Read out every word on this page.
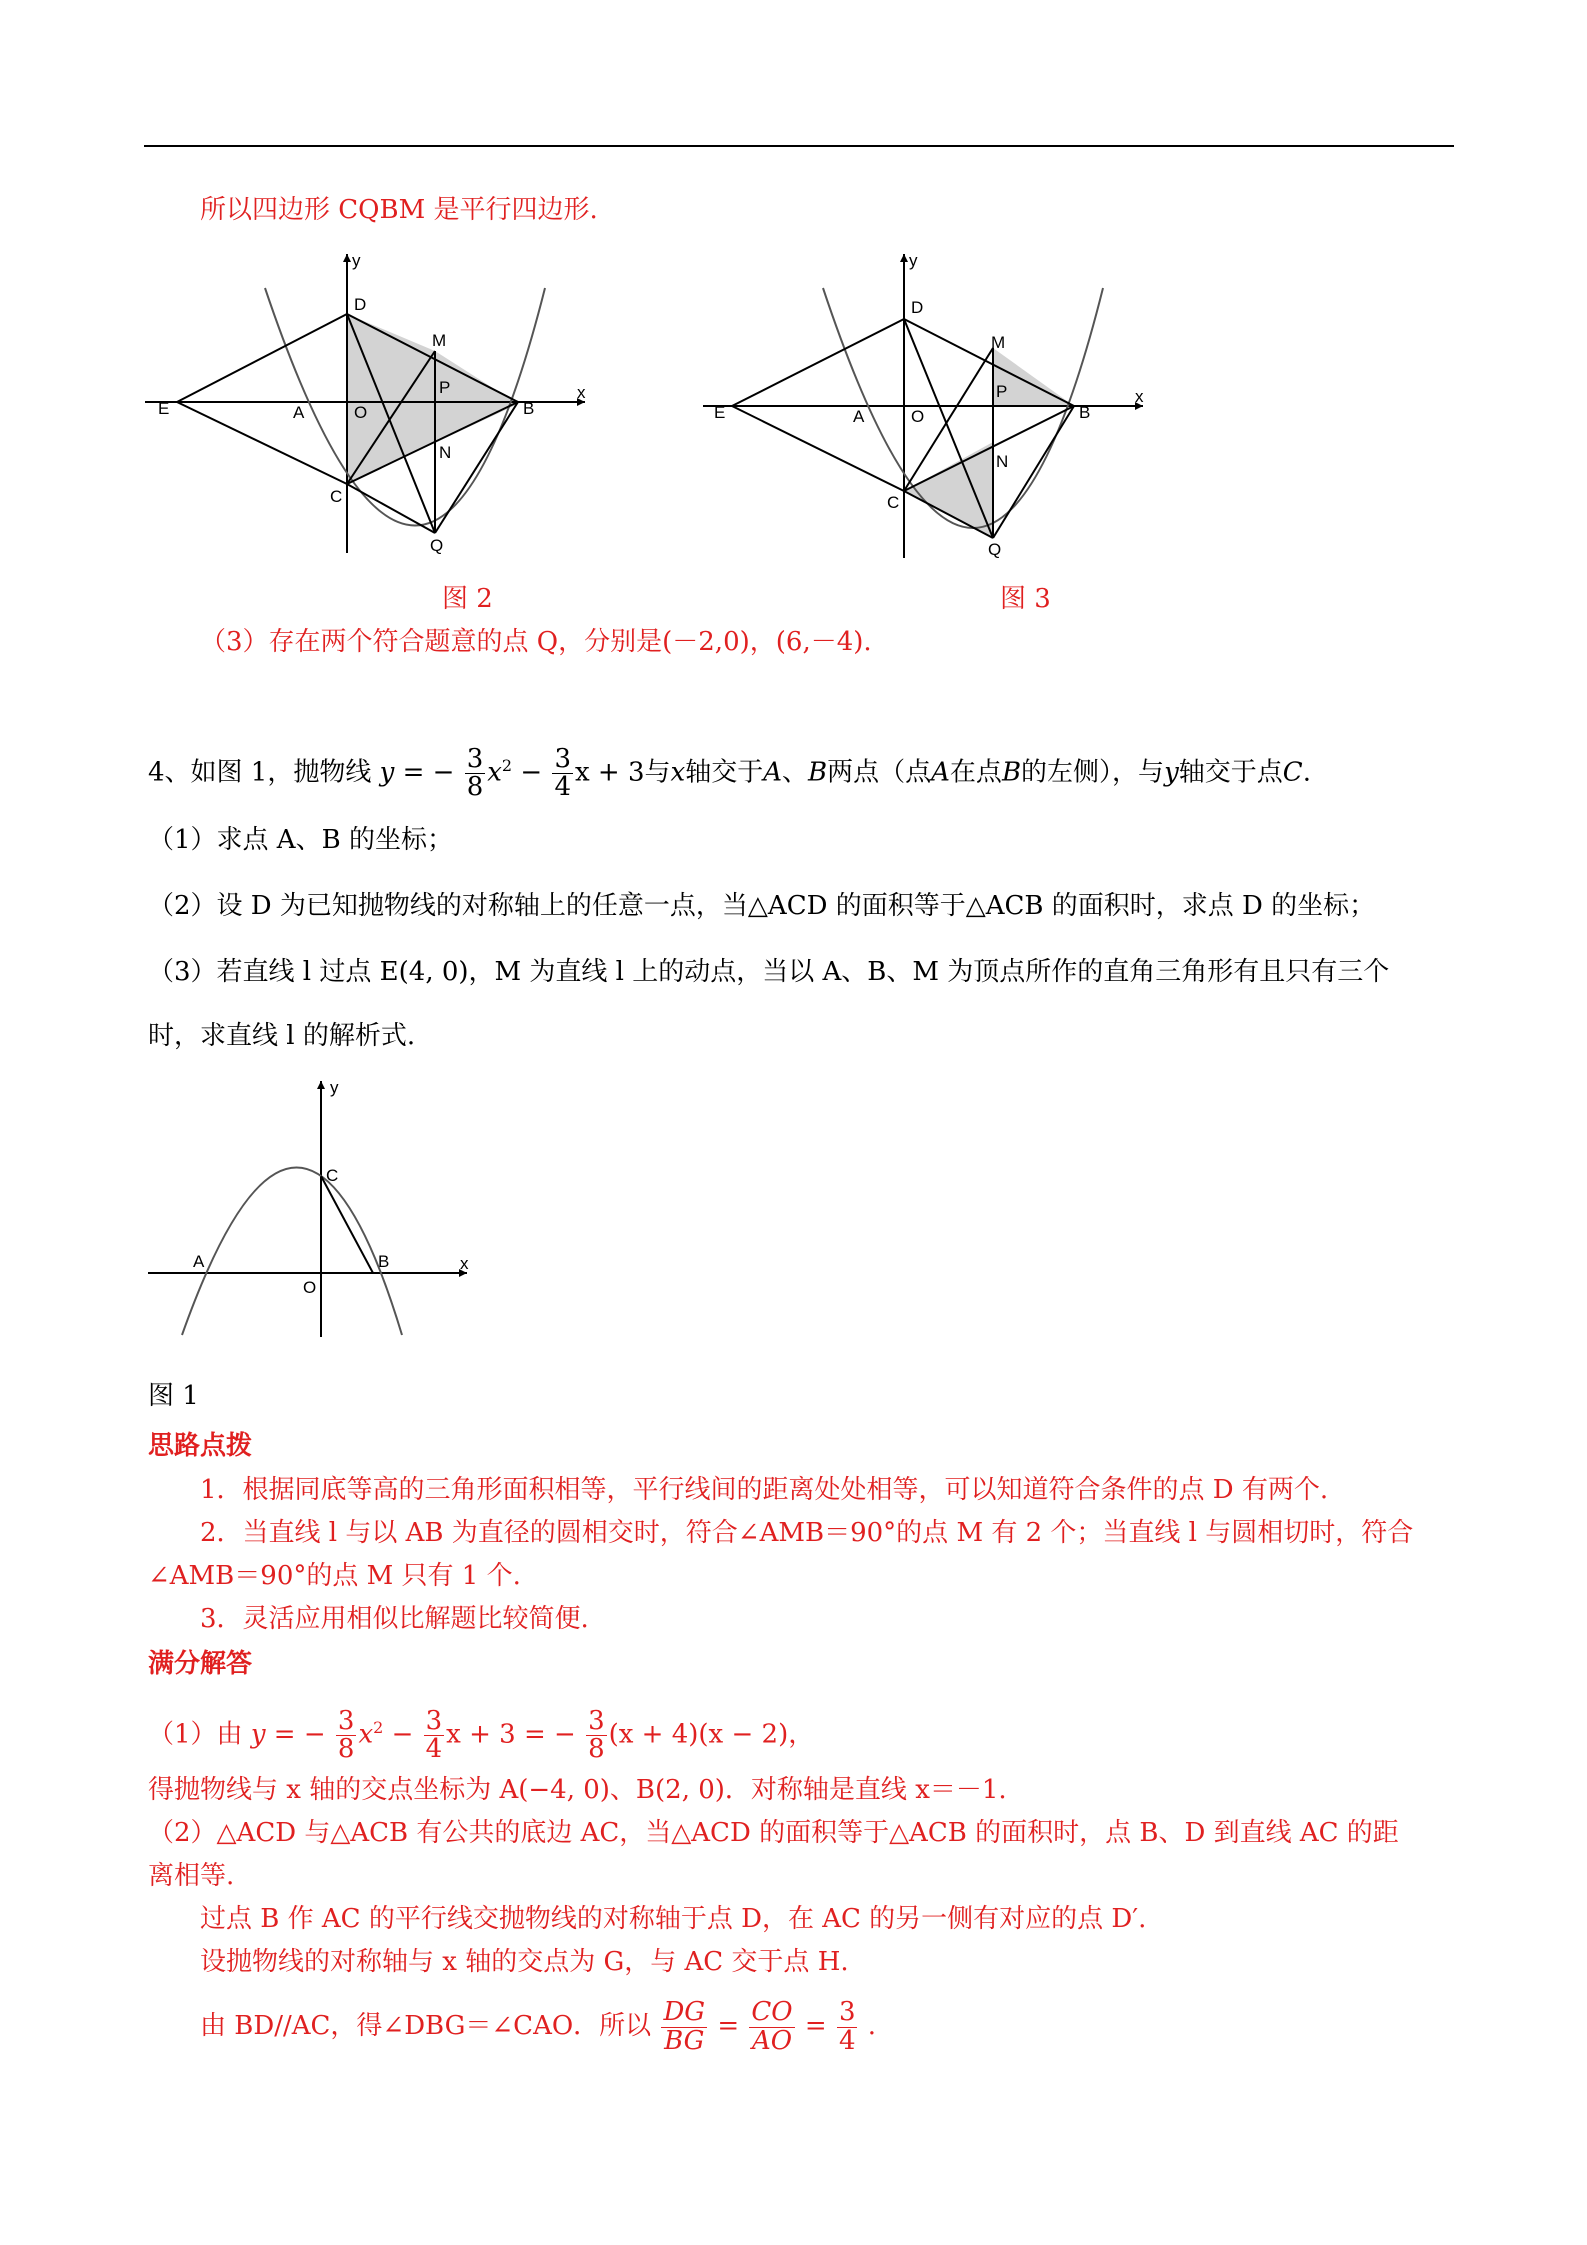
所以四边形 CQBM 是平行四边形.
y
x
D
M
P
E	A	O	B
N
C
Q
y
x
D
M
P
E	A	O	B
N
C
Q
图 2	图 3
（3）存在两个符合题意的点 Q，分别是(－2,0)，(6,－4).
4、如图 1，抛物线 y = − $\frac{3}{8} x^2 - \frac{3}{4}$ x + 3与x轴交于A、B两点（点A在点B的左侧），与y轴交于点C.
（1）求点 A、B 的坐标；
（2）设 D 为已知抛物线的对称轴上的任意一点，当△ACD 的面积等于△ACB 的面积时，求点 D 的坐标；
（3）若直线 l 过点 E(4, 0)，M 为直线 l 上的动点，当以 A、B、M 为顶点所作的直角三角形有且只有三个
时，求直线 l 的解析式.
y
x
C
A	B
O
图 1
思路点拨
1．根据同底等高的三角形面积相等，平行线间的距离处处相等，可以知道符合条件的点 D 有两个.
2．当直线 l 与以 AB 为直径的圆相交时，符合∠AMB＝90°的点 M 有 2 个；当直线 l 与圆相切时，符合
∠AMB＝90°的点 M 只有 1 个.
3．灵活应用相似比解题比较简便.
满分解答
（1）由 y = − $\frac{3}{8} x^2 - \frac{3}{4}$ x + 3 = − $\frac{3}{8} (x + 4)(x - 2)$，
得抛物线与 x 轴的交点坐标为 A(−4, 0)、B(2, 0)．对称轴是直线 x＝－1.
（2）△ACD 与△ACB 有公共的底边 AC，当△ACD 的面积等于△ACB 的面积时，点 B、D 到直线 AC 的距
离相等.
过点 B 作 AC 的平行线交抛物线的对称轴于点 D，在 AC 的另一侧有对应的点 D′.
设抛物线的对称轴与 x 轴的交点为 G，与 AC 交于点 H.
由 BD//AC，得∠DBG＝∠CAO．所以 $\frac{DG}{BG} = \frac{CO}{AO} = \frac{3}{4}$ .
